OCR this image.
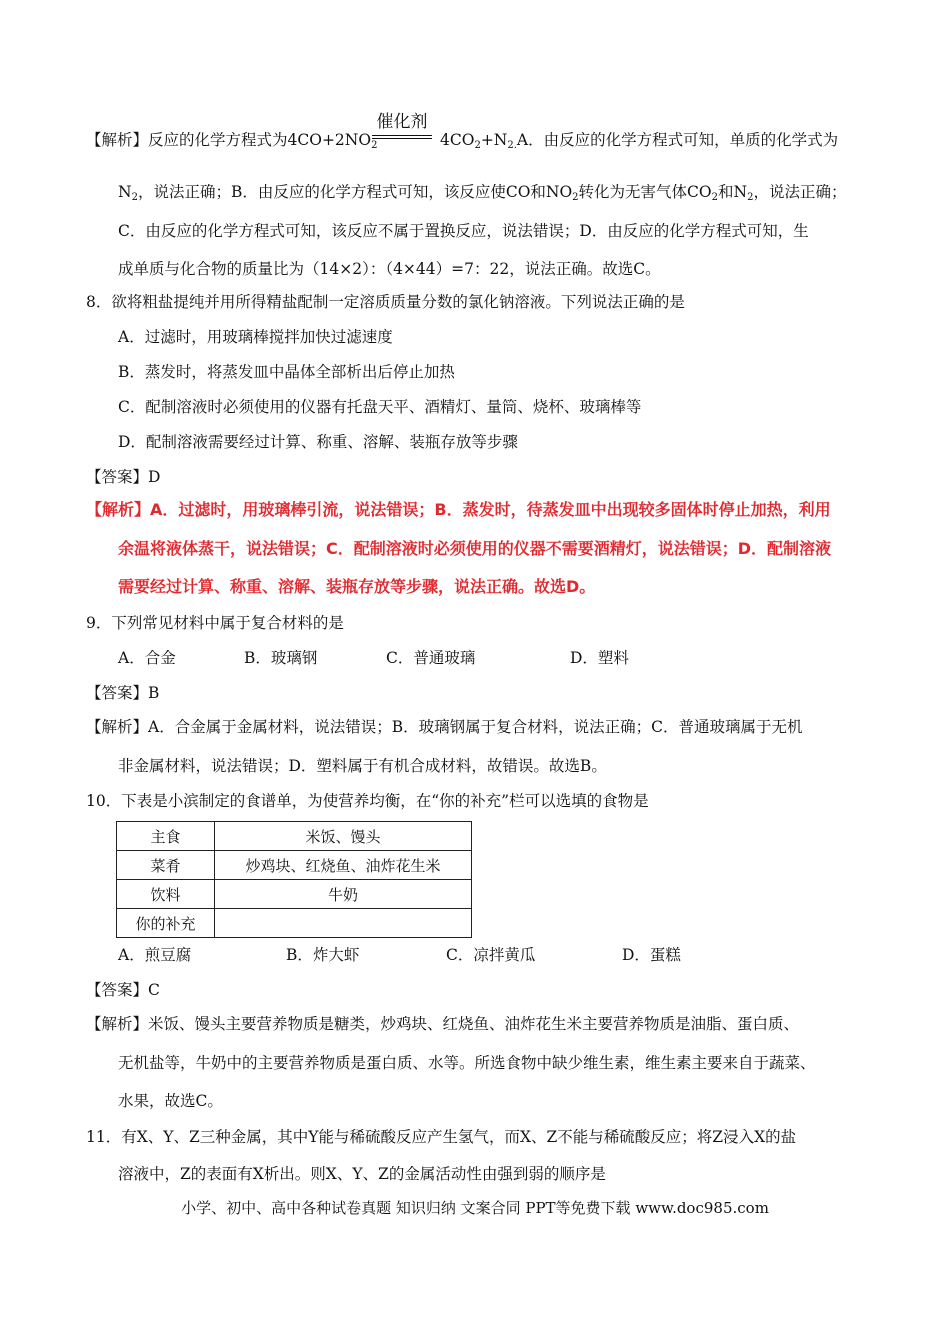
【解析】反应的化学方程式为$4CO+2NO_2$
催化剂
$4CO_2+N_{2.}A$．由反应的化学方程式可知，单质的化学式为
$N_2$，说法正确；B．由反应的化学方程式可知，该反应使CO和$NO_2$转化为无害气体$CO_2$和$N_2$，说法正确；
C．由反应的化学方程式可知，该反应不属于置换反应，说法错误；D．由反应的化学方程式可知，生
成单质与化合物的质量比为（14×2）：（4×44）=7：22，说法正确。故选C。
8．欲将粗盐提纯并用所得精盐配制一定溶质质量分数的氯化钠溶液。下列说法正确的是
A．过滤时，用玻璃棒搅拌加快过滤速度
B．蒸发时，将蒸发皿中晶体全部析出后停止加热
C．配制溶液时必须使用的仪器有托盘天平、酒精灯、量筒、烧杯、玻璃棒等
D．配制溶液需要经过计算、称重、溶解、装瓶存放等步骤
【答案】D
【解析】A．过滤时，用玻璃棒引流，说法错误；B．蒸发时，待蒸发皿中出现较多固体时停止加热，利用
余温将液体蒸干，说法错误；C．配制溶液时必须使用的仪器不需要酒精灯，说法错误；D．配制溶液
需要经过计算、称重、溶解、装瓶存放等步骤，说法正确。故选D。
9．下列常见材料中属于复合材料的是
A．合金	B．玻璃钢	C．普通玻璃	D．塑料
【答案】B
【解析】A．合金属于金属材料，说法错误；B．玻璃钢属于复合材料，说法正确；C．普通玻璃属于无机
非金属材料，说法错误；D．塑料属于有机合成材料，故错误。故选B。
10．下表是小滨制定的食谱单，为使营养均衡，在“你的补充”栏可以选填的食物是
主食	米饭、馒头
菜肴	炒鸡块、红烧鱼、油炸花生米
饮料	牛奶
你的补充	
A．煎豆腐	B．炸大虾	C．凉拌黄瓜	D．蛋糕
【答案】C
【解析】米饭、馒头主要营养物质是糖类，炒鸡块、红烧鱼、油炸花生米主要营养物质是油脂、蛋白质、
无机盐等，牛奶中的主要营养物质是蛋白质、水等。所选食物中缺少维生素，维生素主要来自于蔬菜、
水果，故选C。
11．有X、Y、Z三种金属，其中Y能与稀硫酸反应产生氢气，而X、Z不能与稀硫酸反应；将Z浸入X的盐
溶液中，Z的表面有X析出。则X、Y、Z的金属活动性由强到弱的顺序是
小学、初中、高中各种试卷真题 知识归纳 文案合同 PPT等免费下载 www.doc985.com
